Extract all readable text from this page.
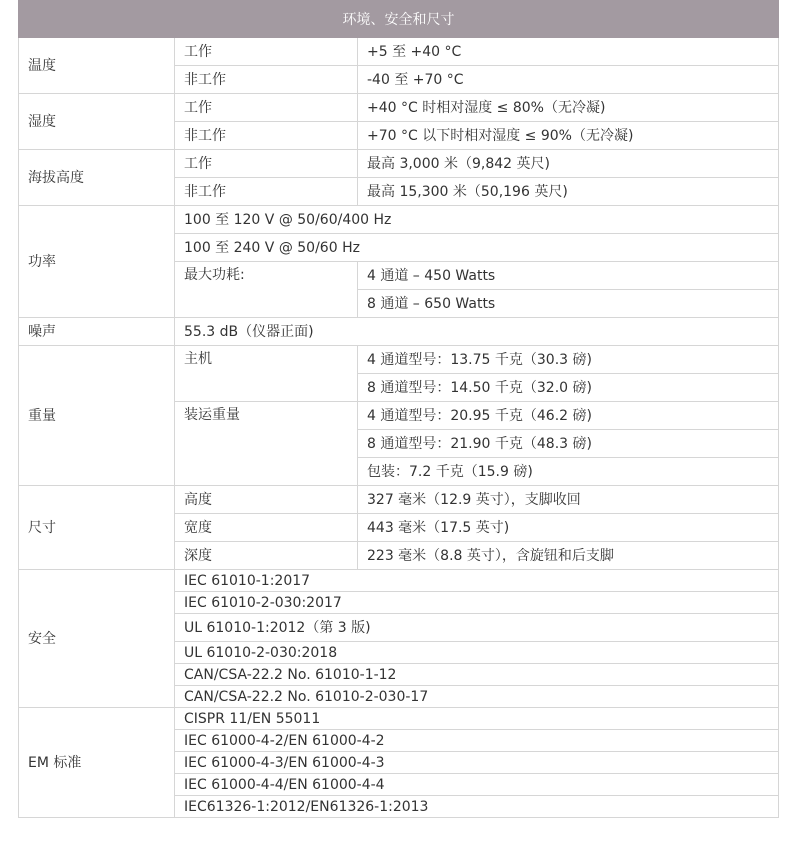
环境、安全和尺寸		
温度	工作	+5 至 +40 °C
	非工作	-40 至 +70 °C
湿度	工作	+40 °C 时相对湿度 ≤ 80%（无冷凝)
	非工作	+70 °C 以下时相对湿度 ≤ 90%（无冷凝)
海拔高度	工作	最高 3,000 米（9,842 英尺)
	非工作	最高 15,300 米（50,196 英尺)
功率	100 至 120 V @ 50/60/400 Hz	
	100 至 240 V @ 50/60 Hz	
	最大功耗:	4 通道 – 450 Watts
		8 通道 – 650 Watts
噪声	55.3 dB（仪器正面)	
重量	主机	4 通道型号：13.75 千克（30.3 磅)
		8 通道型号：14.50 千克（32.0 磅)
	装运重量	4 通道型号：20.95 千克（46.2 磅)
		8 通道型号：21.90 千克（48.3 磅)
		包装：7.2 千克（15.9 磅)
尺寸	高度	327 毫米（12.9 英寸），支脚收回
	宽度	443 毫米（17.5 英寸)
	深度	223 毫米（8.8 英寸），含旋钮和后支脚
安全	IEC 61010-1:2017	
	IEC 61010-2-030:2017	
	UL 61010-1:2012（第 3 版)	
	UL 61010-2-030:2018	
	CAN/CSA-22.2 No. 61010-1-12	
	CAN/CSA-22.2 No. 61010-2-030-17	
EM 标准	CISPR 11/EN 55011	
	IEC 61000-4-2/EN 61000-4-2	
	IEC 61000-4-3/EN 61000-4-3	
	IEC 61000-4-4/EN 61000-4-4	
	IEC61326-1:2012/EN61326-1:2013	
